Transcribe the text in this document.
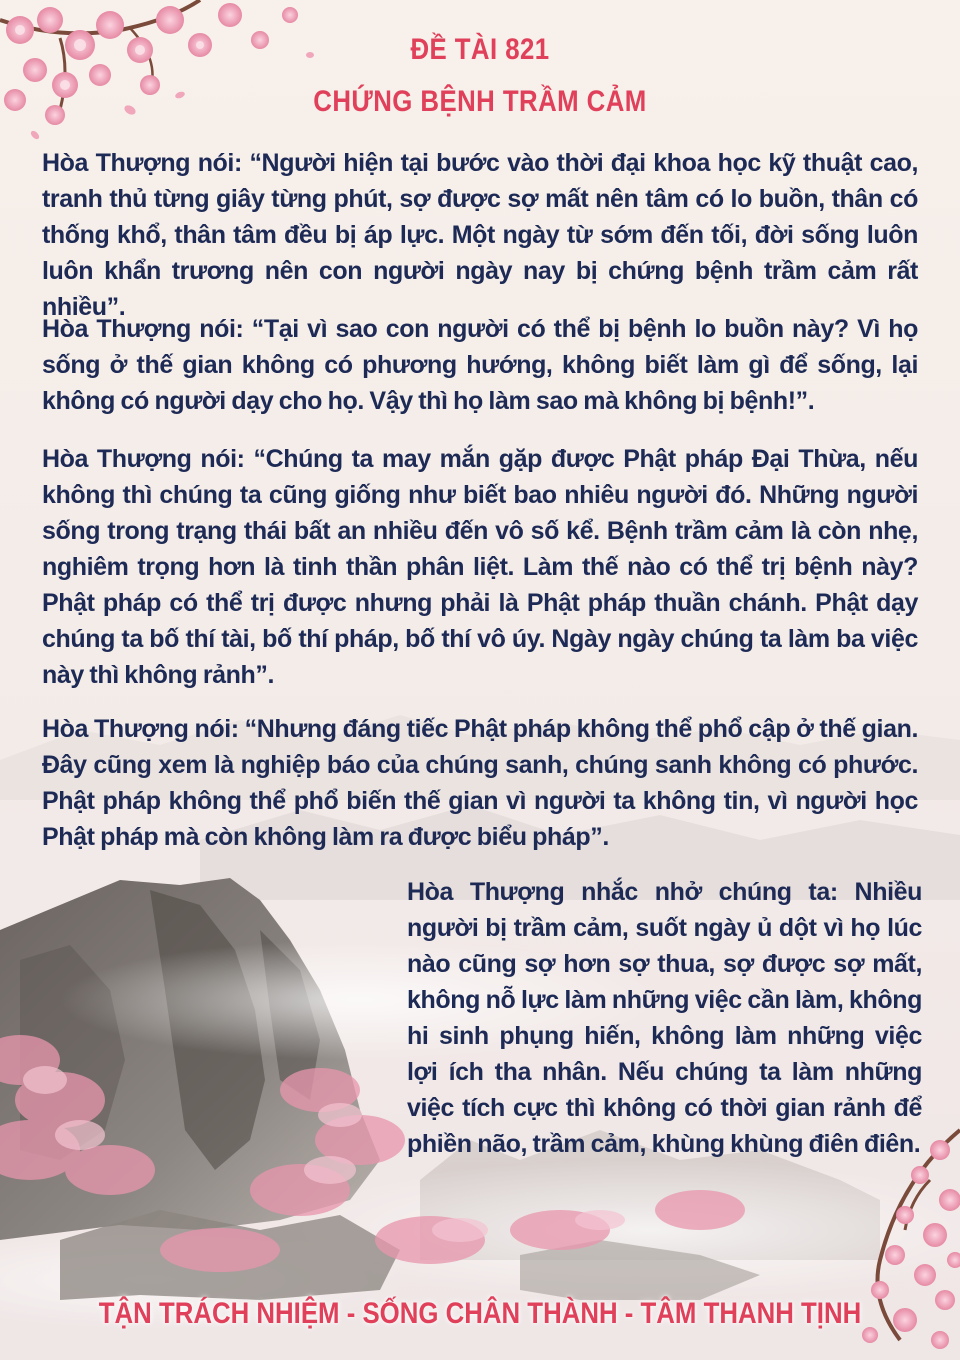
ĐỀ TÀI 821
CHỨNG BỆNH TRẦM CẢM

Hòa Thượng nói: “Người hiện tại bước vào thời đại khoa học kỹ thuật cao, tranh thủ từng giây từng phút, sợ được sợ mất nên tâm có lo buồn, thân có thống khổ, thân tâm đều bị áp lực. Một ngày từ sớm đến tối, đời sống luôn luôn khẩn trương nên con người ngày nay bị chứng bệnh trầm cảm rất nhiều”.

Hòa Thượng nói: “Tại vì sao con người có thể bị bệnh lo buồn này? Vì họ sống ở thế gian không có phương hướng, không biết làm gì để sống, lại không có người dạy cho họ. Vậy thì họ làm sao mà không bị bệnh!”.

Hòa Thượng nói: “Chúng ta may mắn gặp được Phật pháp Đại Thừa, nếu không thì chúng ta cũng giống như biết bao nhiêu người đó. Những người sống trong trạng thái bất an nhiều đến vô số kể. Bệnh trầm cảm là còn nhẹ, nghiêm trọng hơn là tinh thần phân liệt. Làm thế nào có thể trị bệnh này? Phật pháp có thể trị được nhưng phải là Phật pháp thuần chánh. Phật dạy chúng ta bố thí tài, bố thí pháp, bố thí vô úy. Ngày ngày chúng ta làm ba việc này thì không rảnh”.

Hòa Thượng nói: “Nhưng đáng tiếc Phật pháp không thể phổ cập ở thế gian. Đây cũng xem là nghiệp báo của chúng sanh, chúng sanh không có phước. Phật pháp không thể phổ biến thế gian vì người ta không tin, vì người học Phật pháp mà còn không làm ra được biểu pháp”.

Hòa Thượng nhắc nhở chúng ta: Nhiều người bị trầm cảm, suốt ngày ủ dột vì họ lúc nào cũng sợ hơn sợ thua, sợ được sợ mất, không nỗ lực làm những việc cần làm, không hi sinh phụng hiến, không làm những việc lợi ích tha nhân. Nếu chúng ta làm những việc tích cực thì không có thời gian rảnh để phiền não, trầm cảm, khùng khùng điên điên.

TẬN TRÁCH NHIỆM - SỐNG CHÂN THÀNH - TÂM THANH TỊNH
